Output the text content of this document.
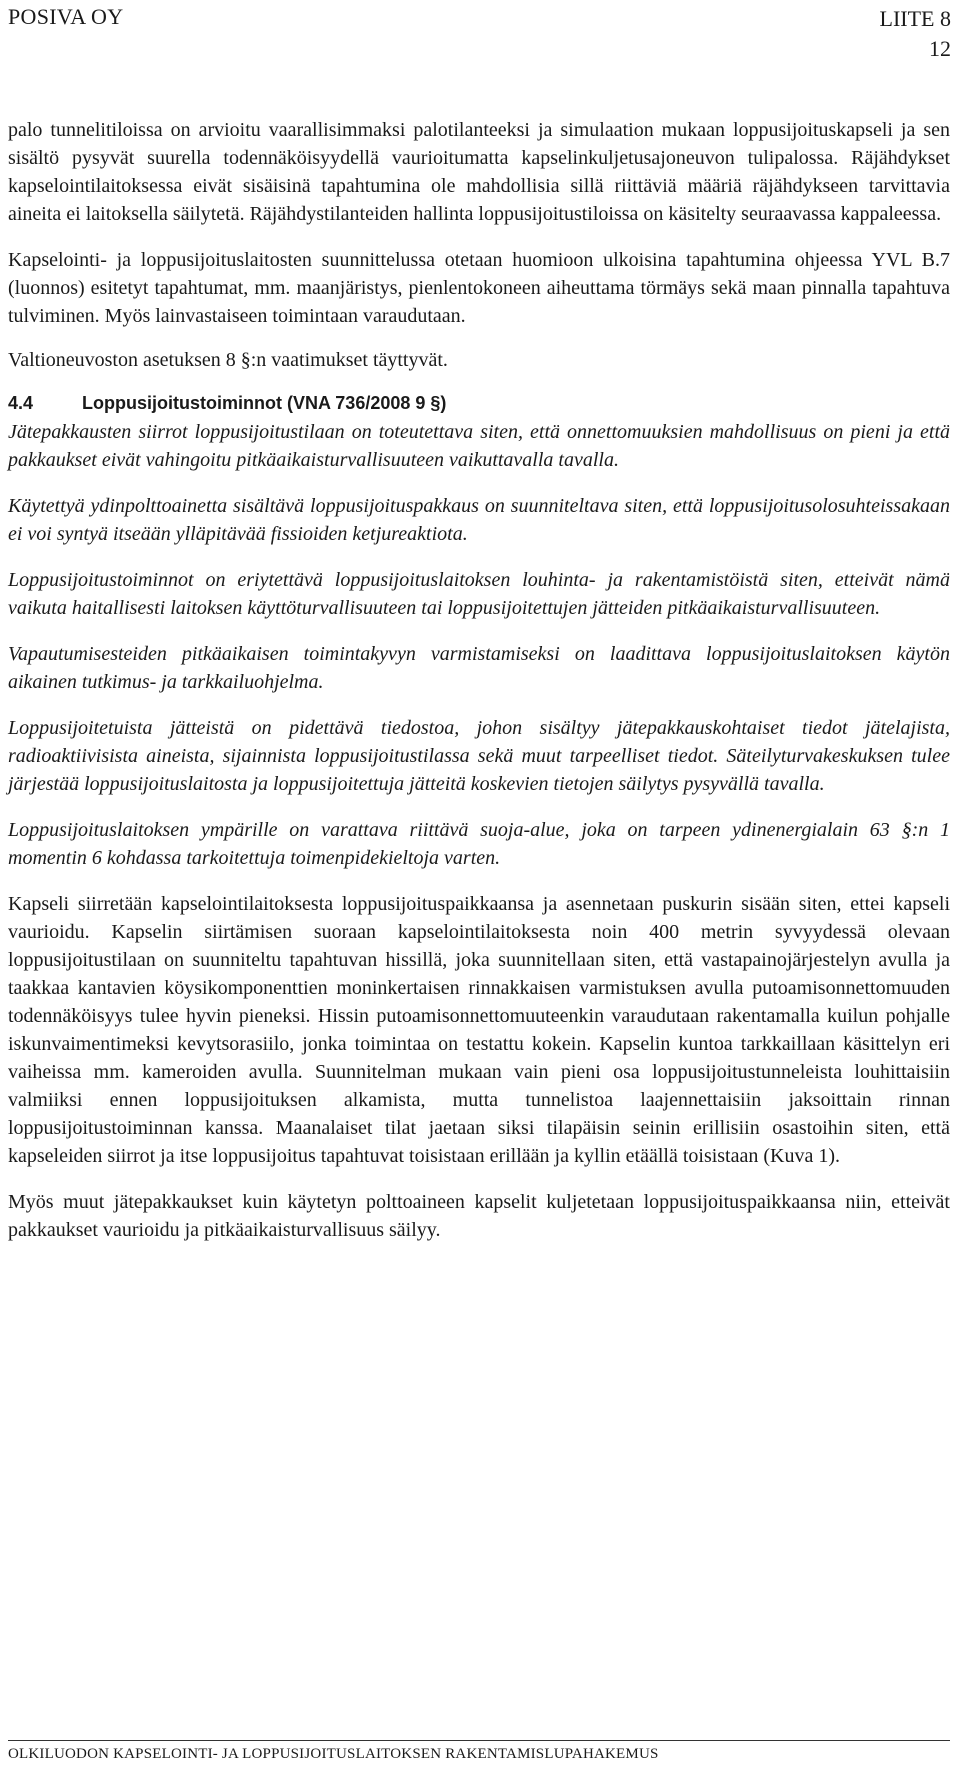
POSIVA OY	LIITE 8
12

palo tunnelitiloissa on arvioitu vaarallisimmaksi palotilanteeksi ja simulaation mukaan loppusijoituskapseli ja sen sisältö pysyvät suurella todennäköisyydellä vaurioitumatta kapselinkuljetusajoneuvon tulipalossa. Räjähdykset kapselointilaitoksessa eivät sisäisinä tapahtumina ole mahdollisia sillä riittäviä määriä räjähdykseen tarvittavia aineita ei laitoksella säilytetä. Räjähdystilanteiden hallinta loppusijoitustiloissa on käsitelty seuraavassa kappaleessa.

Kapselointi- ja loppusijoituslaitosten suunnittelussa otetaan huomioon ulkoisina tapahtumina ohjeessa YVL B.7 (luonnos) esitetyt tapahtumat, mm. maanjäristys, pienlentokoneen aiheuttama törmäys sekä maan pinnalla tapahtuva tulviminen. Myös lainvastaiseen toimintaan varaudutaan.

Valtioneuvoston asetuksen 8 §:n vaatimukset täyttyvät.

4.4	Loppusijoitustoiminnot (VNA 736/2008 9 §)

Jätepakkausten siirrot loppusijoitustilaan on toteutettava siten, että onnettomuuksien mahdollisuus on pieni ja että pakkaukset eivät vahingoitu pitkäaikaisturvallisuuteen vaikuttavalla tavalla.

Käytettyä ydinpolttoainetta sisältävä loppusijoituspakkaus on suunniteltava siten, että loppusijoitusolosuhteissakaan ei voi syntyä itseään ylläpitävää fissioiden ketjureaktiota.

Loppusijoitustoiminnot on eriytettävä loppusijoituslaitoksen louhinta- ja rakentamistöistä siten, etteivät nämä vaikuta haitallisesti laitoksen käyttöturvallisuuteen tai loppusijoitettujen jätteiden pitkäaikaisturvallisuuteen.

Vapautumisesteiden pitkäaikaisen toimintakyvyn varmistamiseksi on laadittava loppusijoituslaitoksen käytön aikainen tutkimus- ja tarkkailuohjelma.

Loppusijoitetuista jätteistä on pidettävä tiedostoa, johon sisältyy jätepakkauskohtaiset tiedot jätelajista, radioaktiivisista aineista, sijainnista loppusijoitustilassa sekä muut tarpeelliset tiedot. Säteilyturvakeskuksen tulee järjestää loppusijoituslaitosta ja loppusijoitettuja jätteitä koskevien tietojen säilytys pysyvällä tavalla.

Loppusijoituslaitoksen ympärille on varattava riittävä suoja-alue, joka on tarpeen ydinenergialain 63 §:n 1 momentin 6 kohdassa tarkoitettuja toimenpidekieltoja varten.

Kapseli siirretään kapselointilaitoksesta loppusijoituspaikkaansa ja asennetaan puskurin sisään siten, ettei kapseli vaurioidu. Kapselin siirtämisen suoraan kapselointilaitoksesta noin 400 metrin syvyydessä olevaan loppusijoitustilaan on suunniteltu tapahtuvan hissillä, joka suunnitellaan siten, että vastapainojärjestelyn avulla ja taakkaa kantavien köysikomponenttien moninkertaisen rinnakkaisen varmistuksen avulla putoamisonnettomuuden todennäköisyys tulee hyvin pieneksi. Hissin putoamisonnettomuuteenkin varaudutaan rakentamalla kuilun pohjalle iskunvaimentimeksi kevytsorasiilo, jonka toimintaa on testattu kokein. Kapselin kuntoa tarkkaillaan käsittelyn eri vaiheissa mm. kameroiden avulla. Suunnitelman mukaan vain pieni osa loppusijoitustunneleista louhittaisiin valmiiksi ennen loppusijoituksen alkamista, mutta tunnelistoa laajennettaisiin jaksoittain rinnan loppusijoitustoiminnan kanssa. Maanalaiset tilat jaetaan siksi tilapäisin seinin erillisiin osastoihin siten, että kapseleiden siirrot ja itse loppusijoitus tapahtuvat toisistaan erillään ja kyllin etäällä toisistaan (Kuva 1).

Myös muut jätepakkaukset kuin käytetyn polttoaineen kapselit kuljetetaan loppusijoituspaikkaansa niin, etteivät pakkaukset vaurioidu ja pitkäaikaisturvallisuus säilyy.

OLKILUODON KAPSELOINTI- JA LOPPUSIJOITUSLAITOKSEN RAKENTAMISLUPAHAKEMUS
